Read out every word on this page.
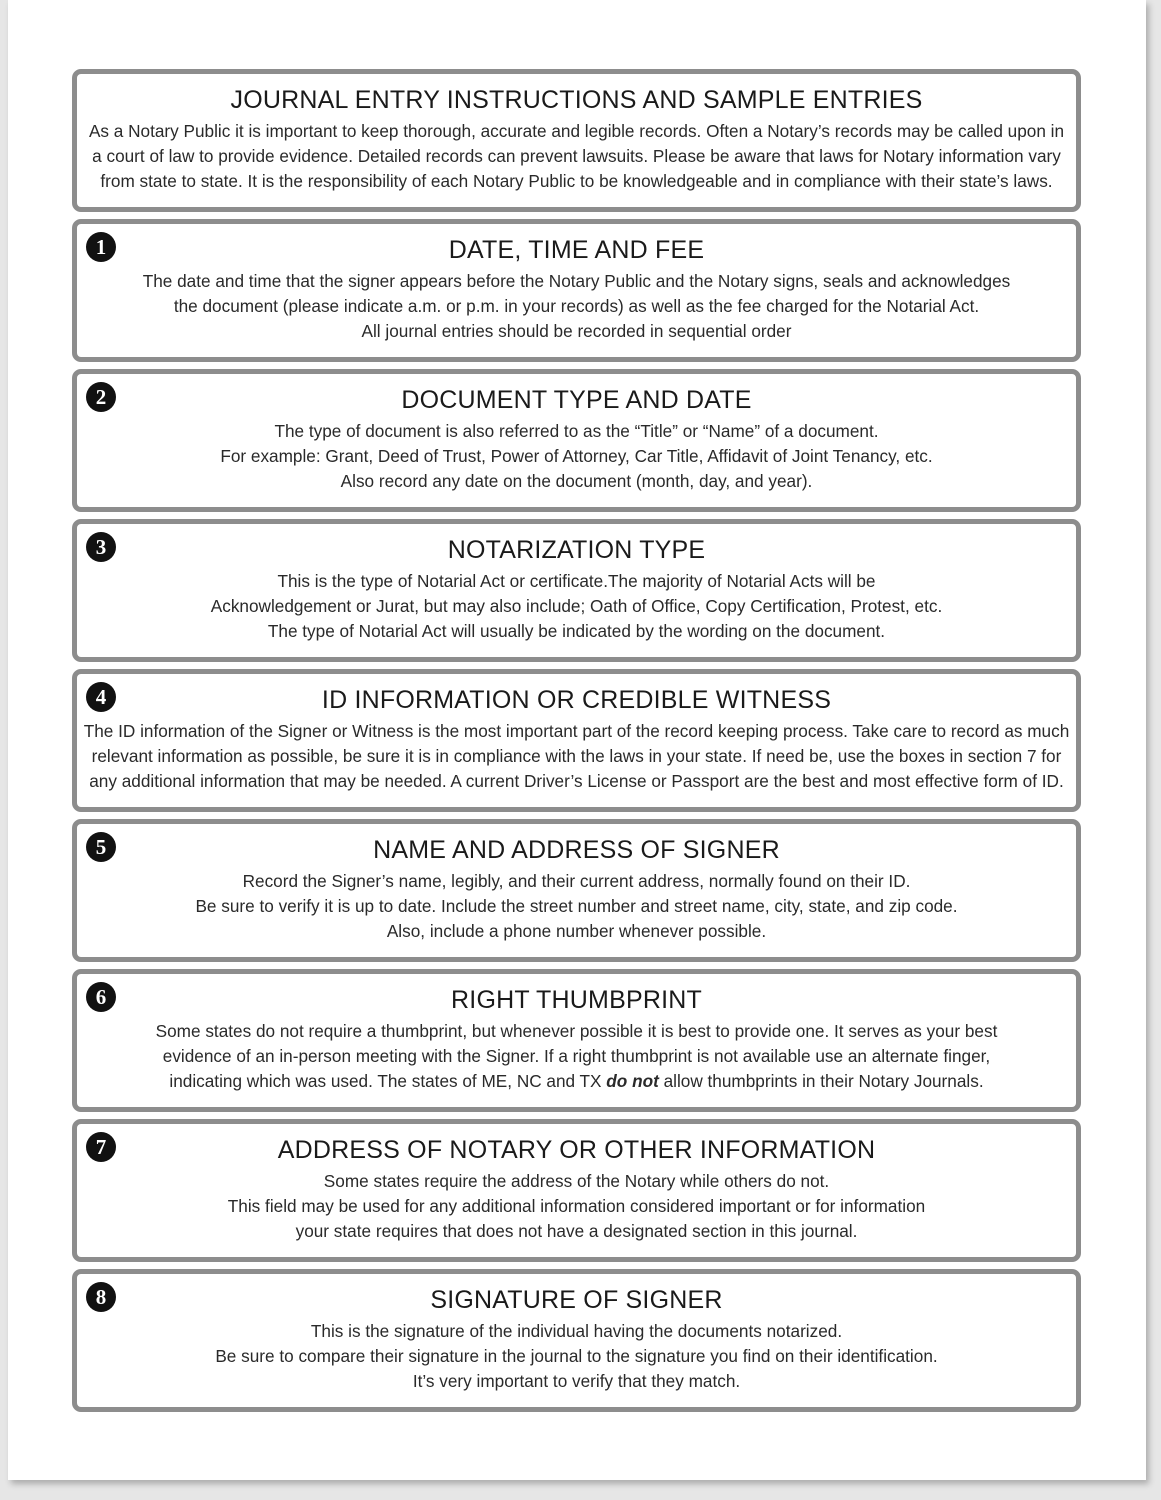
JOURNAL ENTRY INSTRUCTIONS AND SAMPLE ENTRIES
As a Notary Public it is important to keep thorough, accurate and legible records. Often a Notary’s records may be called upon in
a court of law to provide evidence. Detailed records can prevent lawsuits. Please be aware that laws for Notary information vary
from state to state. It is the responsibility of each Notary Public to be knowledgeable and in compliance with their state’s laws.
1	DATE, TIME AND FEE
The date and time that the signer appears before the Notary Public and the Notary signs, seals and acknowledges
the document (please indicate a.m. or p.m. in your records) as well as the fee charged for the Notarial Act.
All journal entries should be recorded in sequential order
2	DOCUMENT TYPE AND DATE
The type of document is also referred to as the “Title” or “Name” of a document.
For example: Grant, Deed of Trust, Power of Attorney, Car Title, Affidavit of Joint Tenancy, etc.
Also record any date on the document (month, day, and year).
3	NOTARIZATION TYPE
This is the type of Notarial Act or certificate.The majority of Notarial Acts will be
Acknowledgement or Jurat, but may also include; Oath of Office, Copy Certification, Protest, etc.
The type of Notarial Act will usually be indicated by the wording on the document.
4	ID INFORMATION OR CREDIBLE WITNESS
The ID information of the Signer or Witness is the most important part of the record keeping process. Take care to record as much
relevant information as possible, be sure it is in compliance with the laws in your state. If need be, use the boxes in section 7 for
any additional information that may be needed. A current Driver’s License or Passport are the best and most effective form of ID.
5	NAME AND ADDRESS OF SIGNER
Record the Signer’s name, legibly, and their current address, normally found on their ID.
Be sure to verify it is up to date. Include the street number and street name, city, state, and zip code.
Also, include a phone number whenever possible.
6	RIGHT THUMBPRINT
Some states do not require a thumbprint, but whenever possible it is best to provide one. It serves as your best
evidence of an in-person meeting with the Signer. If a right thumbprint is not available use an alternate finger,
indicating which was used. The states of ME, NC and TX do not allow thumbprints in their Notary Journals.
7	ADDRESS OF NOTARY OR OTHER INFORMATION
Some states require the address of the Notary while others do not.
This field may be used for any additional information considered important or for information
your state requires that does not have a designated section in this journal.
8	SIGNATURE OF SIGNER
This is the signature of the individual having the documents notarized.
Be sure to compare their signature in the journal to the signature you find on their identification.
It’s very important to verify that they match.
